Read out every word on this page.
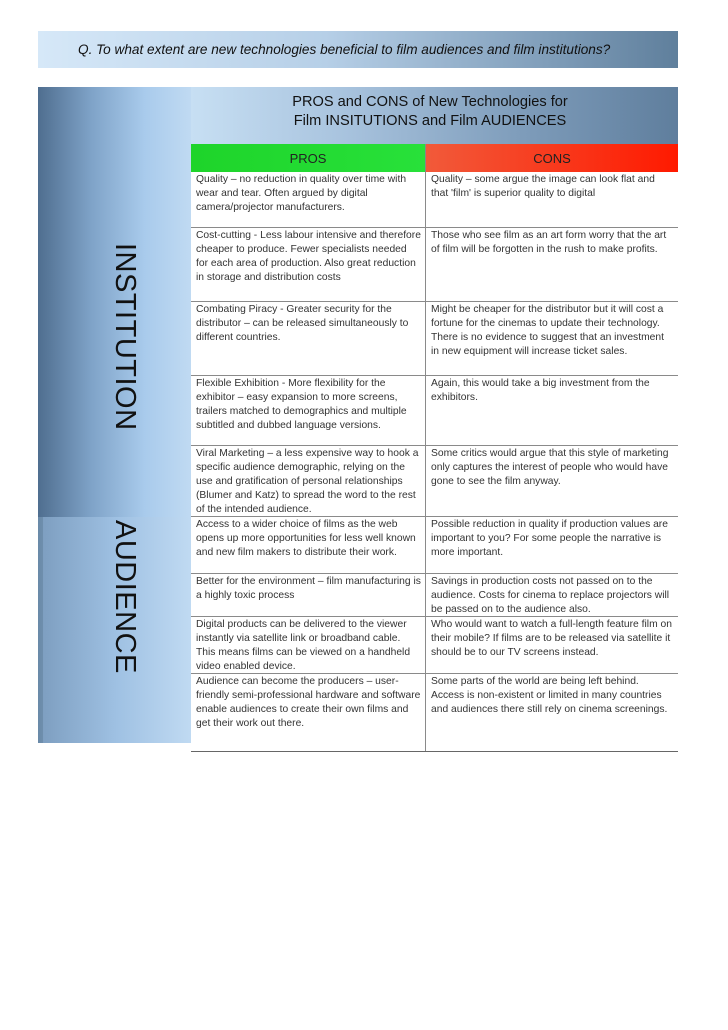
Q. To what extent are new technologies beneficial to film audiences and film institutions?
PROS and CONS of New Technologies for
Film INSITUTIONS and Film AUDIENCES
INSTITUTION
AUDIENCE
PROS	CONS
Quality – no reduction in quality over time with wear and tear. Often argued by digital camera/projector manufacturers.
Quality – some argue the image can look flat and that 'film' is superior quality to digital
Cost-cutting - Less labour intensive and therefore cheaper to produce. Fewer specialists needed for each area of production. Also great reduction in storage and distribution costs
Those who see film as an art form worry that the art of film will be forgotten in the rush to make profits.
Combating Piracy - Greater security for the distributor – can be released simultaneously to different countries.
Might be cheaper for the distributor but it will cost a fortune for the cinemas to update their technology. There is no evidence to suggest that an investment in new equipment will increase ticket sales.
Flexible Exhibition - More flexibility for the exhibitor – easy expansion to more screens, trailers matched to demographics and multiple subtitled and dubbed language versions.
Again, this would take a big investment from the exhibitors.
Viral Marketing – a less expensive way to hook a specific audience demographic, relying on the use and gratification of personal relationships (Blumer and Katz) to spread the word to the rest of the intended audience.
Some critics would argue that this style of marketing only captures the interest of people who would have gone to see the film anyway.
Access to a wider choice of films as the web opens up more opportunities for less well known and new film makers to distribute their work.
Possible reduction in quality if production values are important to you? For some people the narrative is more important.
Better for the environment – film manufacturing is a highly toxic process
Savings in production costs not passed on to the audience. Costs for cinema to replace projectors will be passed on to the audience also.
Digital products can be delivered to the viewer instantly via satellite link or broadband cable. This means films can be viewed on a handheld video enabled device.
Who would want to watch a full-length feature film on their mobile? If films are to be released via satellite it should be to our TV screens instead.
Audience can become the producers – user-friendly semi-professional hardware and software enable audiences to create their own films and get their work out there.
Some parts of the world are being left behind. Access is non-existent or limited in many countries and audiences there still rely on cinema screenings.
